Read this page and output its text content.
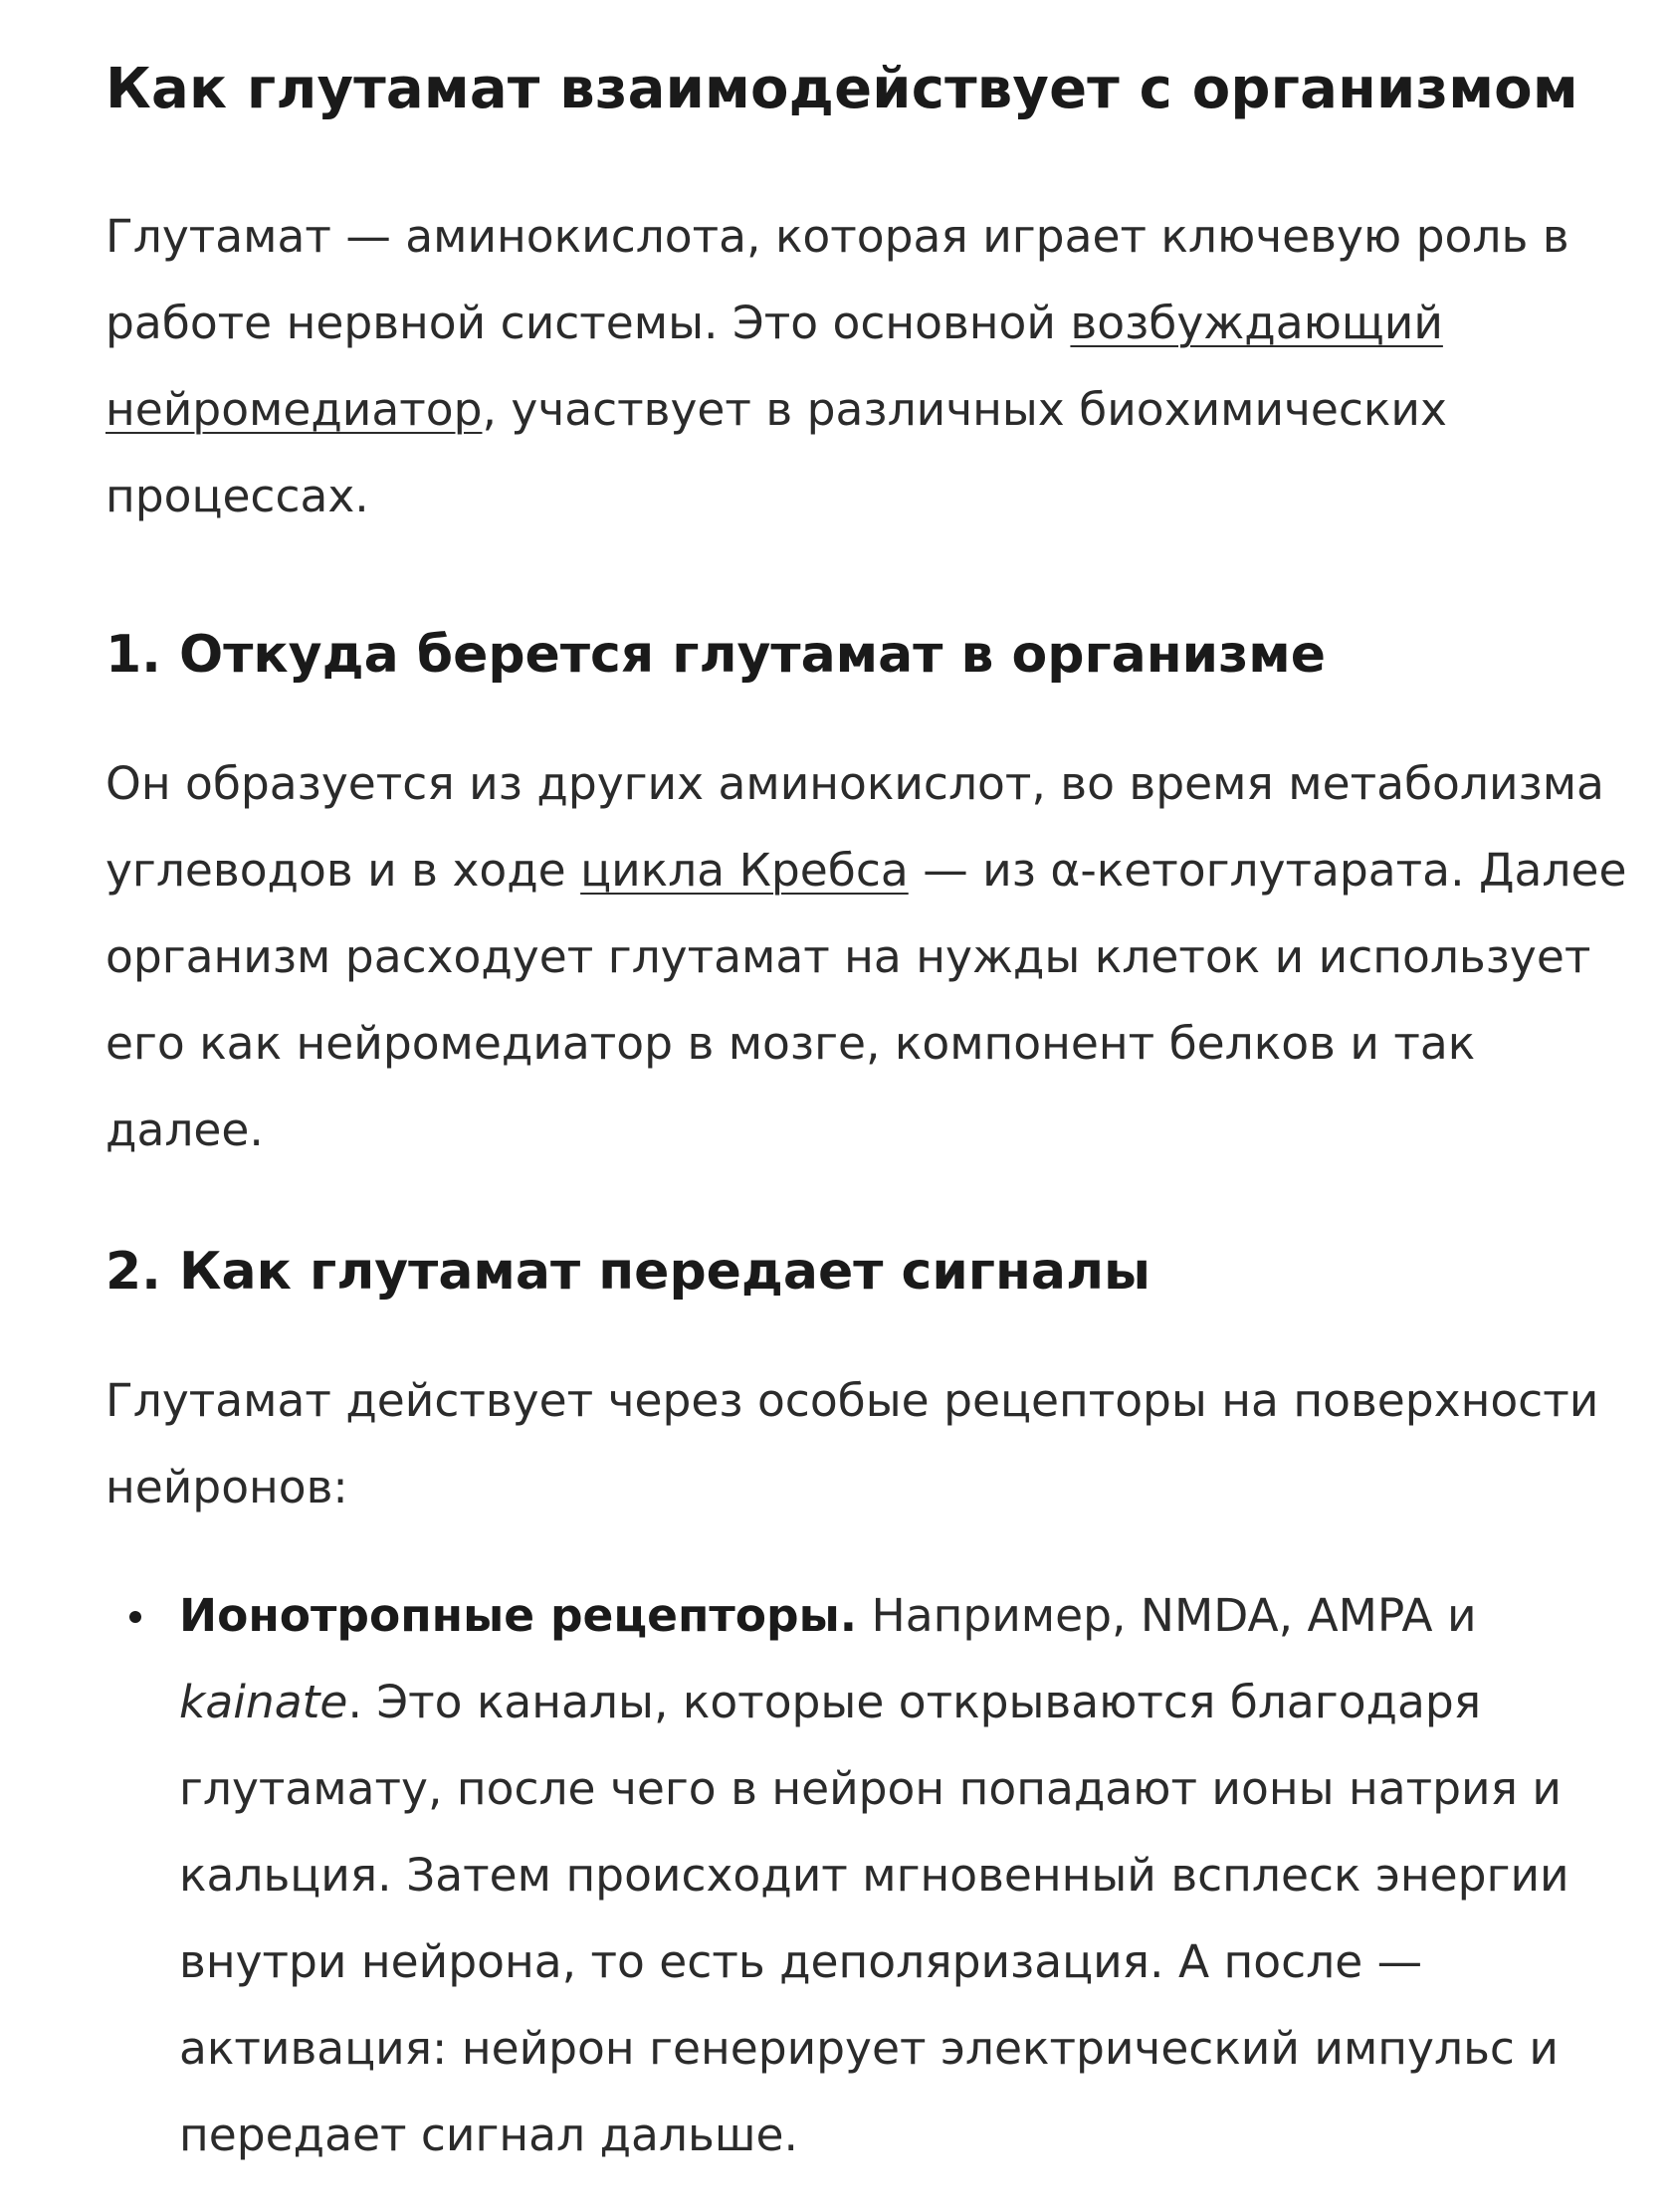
Как глутамат взаимодействует с организмом

Глутамат — аминокислота, которая играет ключевую роль в работе нервной системы. Это основной возбуждающий нейромедиатор, участвует в различных биохимических процессах.

1. Откуда берется глутамат в организме

Он образуется из других аминокислот, во время метаболизма углеводов и в ходе цикла Кребса — из α-кетоглутарата. Далее организм расходует глутамат на нужды клеток и использует его как нейромедиатор в мозге, компонент белков и так далее.

2. Как глутамат передает сигналы

Глутамат действует через особые рецепторы на поверхности нейронов:

Ионотропные рецепторы. Например, NMDA, AMPA и kainate. Это каналы, которые открываются благодаря глутамату, после чего в нейрон попадают ионы натрия и кальция. Затем происходит мгновенный всплеск энергии внутри нейрона, то есть деполяризация. А после — активация: нейрон генерирует электрический импульс и передает сигнал дальше.
